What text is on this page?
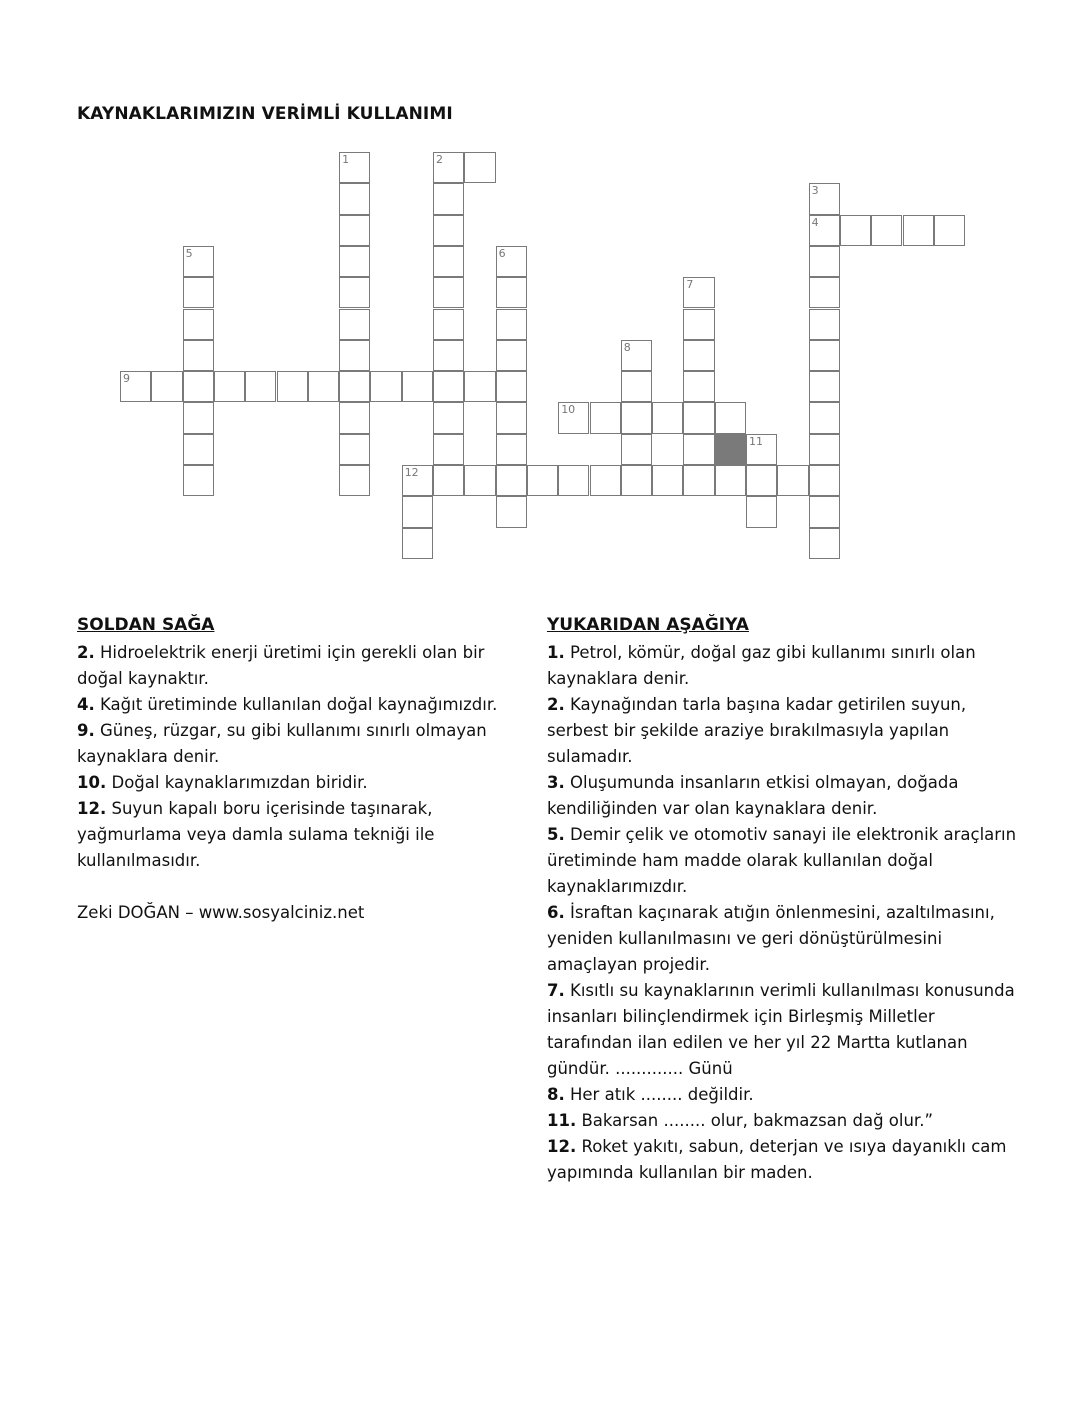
KAYNAKLARIMIZIN VERİMLİ KULLANIMI
1	2
3
4
5	6
7
8
9
10
11
12
SOLDAN SAĞA

2. Hidroelektrik enerji üretimi için gerekli olan bir doğal kaynaktır.

4. Kağıt üretiminde kullanılan doğal kaynağımızdır.

9. Güneş, rüzgar, su gibi kullanımı sınırlı olmayan kaynaklara denir.

10. Doğal kaynaklarımızdan biridir.

12. Suyun kapalı boru içerisinde taşınarak, yağmurlama veya damla sulama tekniği ile kullanılmasıdır.

Zeki DOĞAN – www.sosyalciniz.net

YUKARIDAN AŞAĞIYA

1. Petrol, kömür, doğal gaz gibi kullanımı sınırlı olan kaynaklara denir.

2. Kaynağından tarla başına kadar getirilen suyun, serbest bir şekilde araziye bırakılmasıyla yapılan sulamadır.

3. Oluşumunda insanların etkisi olmayan, doğada kendiliğinden var olan kaynaklara denir.

5. Demir çelik ve otomotiv sanayi ile elektronik araçların üretiminde ham madde olarak kullanılan doğal kaynaklarımızdır.

6. İsraftan kaçınarak atığın önlenmesini, azaltılmasını, yeniden kullanılmasını ve geri dönüştürülmesini amaçlayan projedir.

7. Kısıtlı su kaynaklarının verimli kullanılması konusunda insanları bilinçlendirmek için Birleşmiş Milletler tarafından ilan edilen ve her yıl 22 Martta kutlanan gündür. ............. Günü

8. Her atık ........ değildir.

11. Bakarsan ........ olur, bakmazsan dağ olur.”

12. Roket yakıtı, sabun, deterjan ve ısıya dayanıklı cam yapımında kullanılan bir maden.
